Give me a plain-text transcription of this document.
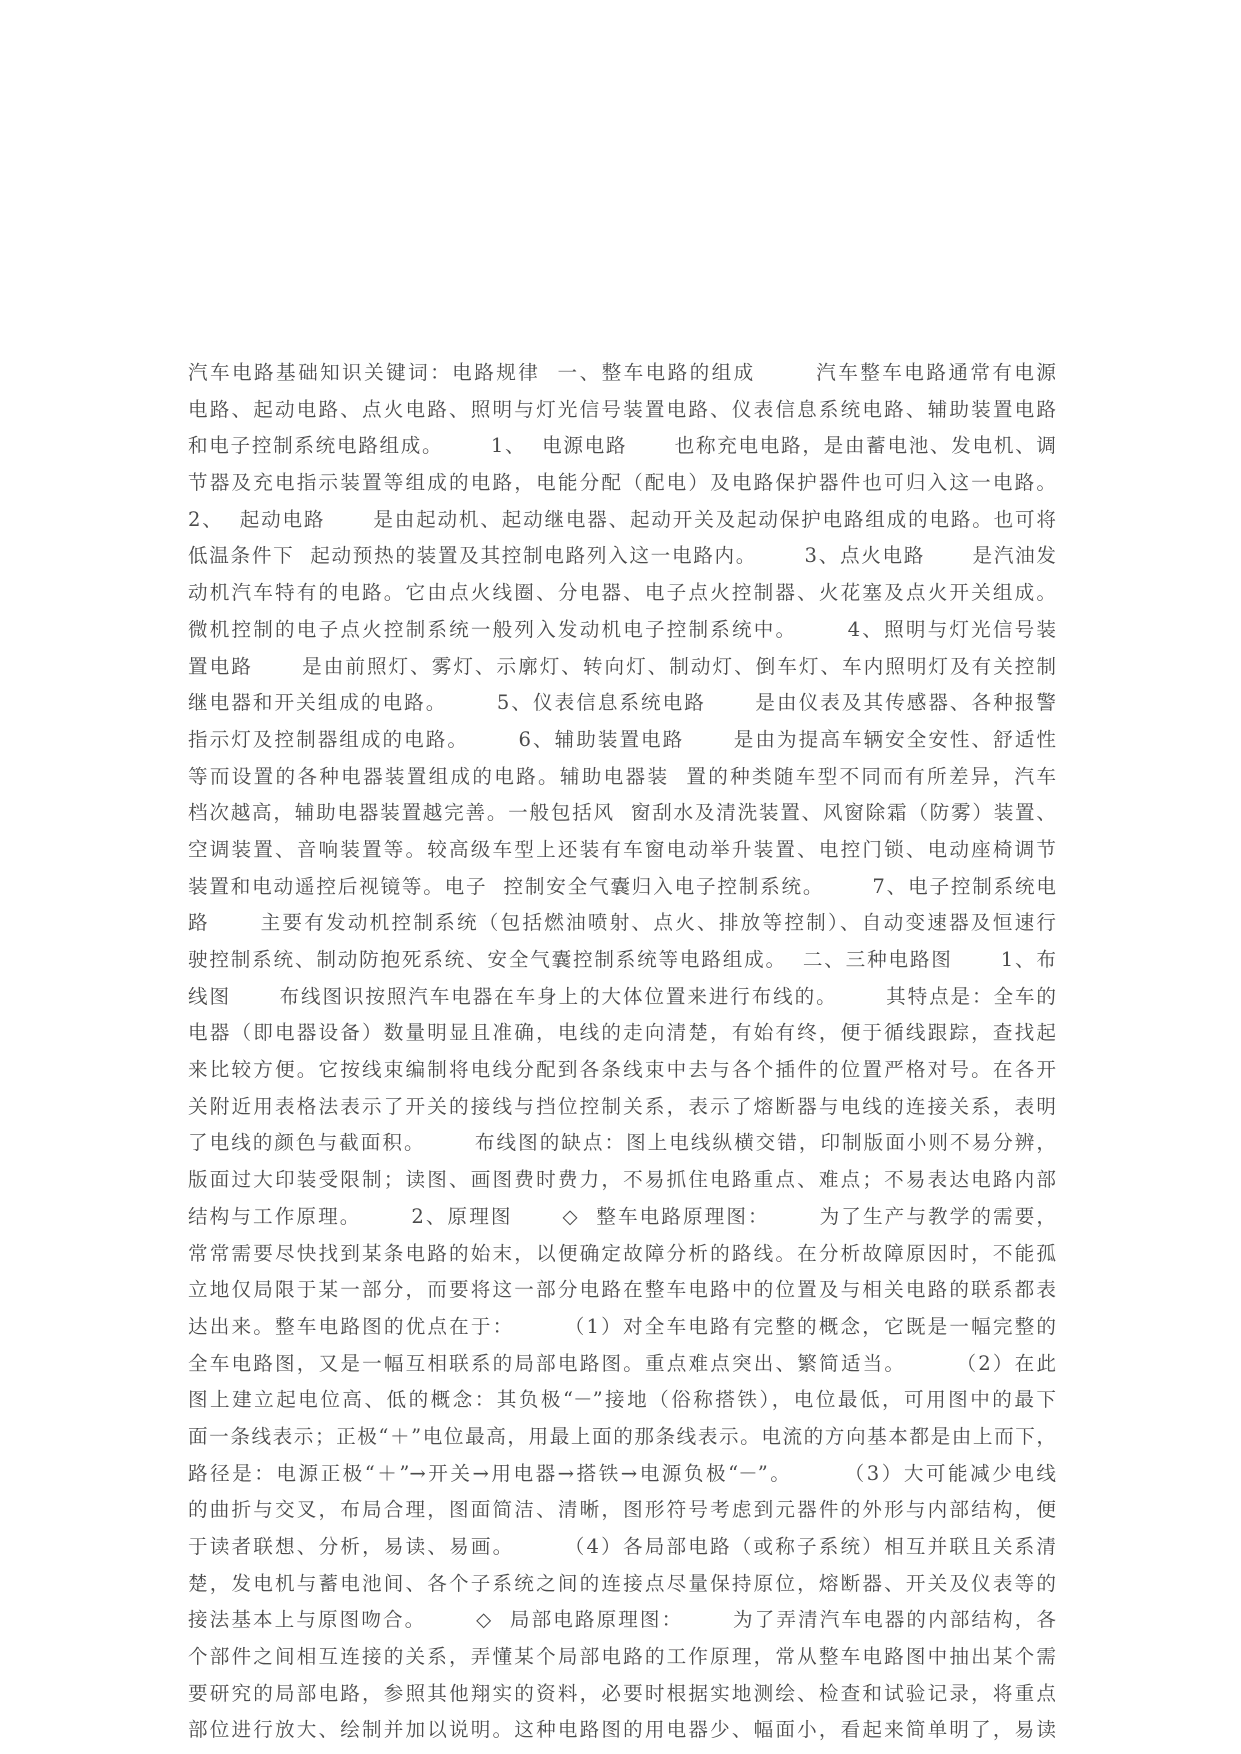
汽车电路基础知识关键词：电路规律  一、整车电路的组成       汽车整车电路通常有电源
电路、起动电路、点火电路、照明与灯光信号装置电路、仪表信息系统电路、辅助装置电路
和电子控制系统电路组成。      1、  电源电路      也称充电电路，是由蓄电池、发电机、调
节器及充电指示装置等组成的电路，电能分配（配电）及电路保护器件也可归入这一电路。
2、  起动电路      是由起动机、起动继电器、起动开关及起动保护电路组成的电路。也可将
低温条件下  起动预热的装置及其控制电路列入这一电路内。      3、点火电路      是汽油发
动机汽车特有的电路。它由点火线圈、分电器、电子点火控制器、火花塞及点火开关组成。
微机控制的电子点火控制系统一般列入发动机电子控制系统中。      4、照明与灯光信号装
置电路      是由前照灯、雾灯、示廓灯、转向灯、制动灯、倒车灯、车内照明灯及有关控制
继电器和开关组成的电路。      5、仪表信息系统电路      是由仪表及其传感器、各种报警
指示灯及控制器组成的电路。      6、辅助装置电路      是由为提高车辆安全安性、舒适性
等而设置的各种电器装置组成的电路。辅助电器装  置的种类随车型不同而有所差异，汽车
档次越高，辅助电器装置越完善。一般包括风  窗刮水及清洗装置、风窗除霜（防雾）装置、
空调装置、音响装置等。较高级车型上还装有车窗电动举升装置、电控门锁、电动座椅调节
装置和电动遥控后视镜等。电子  控制安全气囊归入电子控制系统。      7、电子控制系统电
路      主要有发动机控制系统（包括燃油喷射、点火、排放等控制）、自动变速器及恒速行
驶控制系统、制动防抱死系统、安全气囊控制系统等电路组成。  二、三种电路图      1、布
线图      布线图识按照汽车电器在车身上的大体位置来进行布线的。      其特点是：全车的
电器（即电器设备）数量明显且准确，电线的走向清楚，有始有终，便于循线跟踪，查找起
来比较方便。它按线束编制将电线分配到各条线束中去与各个插件的位置严格对号。在各开
关附近用表格法表示了开关的接线与挡位控制关系，表示了熔断器与电线的连接关系，表明
了电线的颜色与截面积。      布线图的缺点：图上电线纵横交错，印制版面小则不易分辨，
版面过大印装受限制；读图、画图费时费力，不易抓住电路重点、难点；不易表达电路内部
结构与工作原理。      2、原理图      ◇  整车电路原理图：      为了生产与教学的需要，
常常需要尽快找到某条电路的始末，以便确定故障分析的路线。在分析故障原因时，不能孤
立地仅局限于某一部分，而要将这一部分电路在整车电路中的位置及与相关电路的联系都表
达出来。整车电路图的优点在于：      （1）对全车电路有完整的概念，它既是一幅完整的
全车电路图，又是一幅互相联系的局部电路图。重点难点突出、繁简适当。      （2）在此
图上建立起电位高、低的概念：其负极“－”接地（俗称搭铁），电位最低，可用图中的最下
面一条线表示；正极“＋”电位最高，用最上面的那条线表示。电流的方向基本都是由上而下，
路径是：电源正极“＋”→开关→用电器→搭铁→电源负极“－”。      （3）大可能减少电线
的曲折与交叉，布局合理，图面简洁、清晰，图形符号考虑到元器件的外形与内部结构，便
于读者联想、分析，易读、易画。      （4）各局部电路（或称子系统）相互并联且关系清
楚，发电机与蓄电池间、各个子系统之间的连接点尽量保持原位，熔断器、开关及仪表等的
接法基本上与原图吻合。      ◇  局部电路原理图：      为了弄清汽车电器的内部结构，各
个部件之间相互连接的关系，弄懂某个局部电路的工作原理，常从整车电路图中抽出某个需
要研究的局部电路，参照其他翔实的资料，必要时根据实地测绘、检查和试验记录，将重点
部位进行放大、绘制并加以说明。这种电路图的用电器少、幅面小，看起来简单明了，易读
